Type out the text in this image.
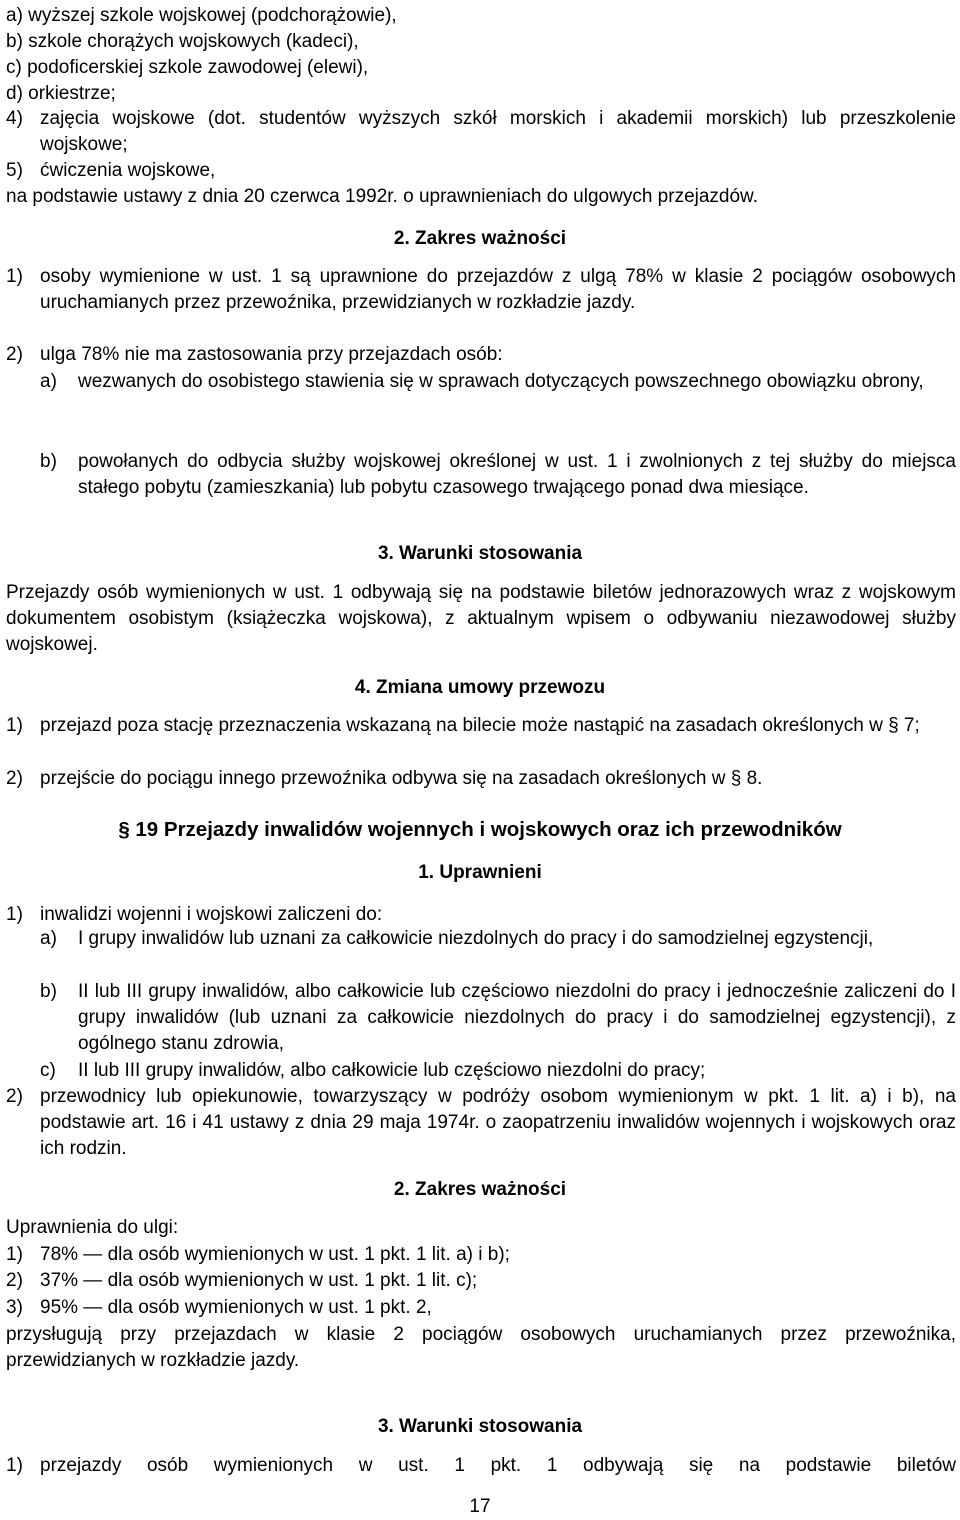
a) wyższej szkole wojskowej (podchorążowie),

b) szkole chorążych wojskowych (kadeci),

c) podoficerskiej szkole zawodowej (elewi),

d) orkiestrze;

4) zajęcia wojskowe (dot. studentów wyższych szkół morskich i akademii morskich) lub przeszkolenie wojskowe;
5) ćwiczenia wojskowe,

na podstawie ustawy z dnia 20 czerwca 1992r. o uprawnieniach do ulgowych przejazdów.

2. Zakres ważności

1) osoby wymienione w ust. 1 są uprawnione do przejazdów z ulgą 78% w klasie 2 pociągów osobowych uruchamianych przez przewoźnika, przewidzianych w rozkładzie jazdy.
2) ulga 78% nie ma zastosowania przy przejazdach osób:
a)	wezwanych do osobistego stawienia się w sprawach dotyczących powszechnego obowiązku obrony,
b)	powołanych do odbycia służby wojskowej określonej w ust. 1 i zwolnionych z tej służby do miejsca stałego pobytu (zamieszkania) lub pobytu czasowego trwającego ponad dwa miesiące.

3. Warunki stosowania

Przejazdy osób wymienionych w ust. 1 odbywają się na podstawie biletów jednorazowych wraz z wojskowym dokumentem osobistym (książeczka wojskowa), z aktualnym wpisem o odbywaniu niezawodowej służby wojskowej.

4. Zmiana umowy przewozu

1) przejazd poza stację przeznaczenia wskazaną na bilecie może nastąpić na zasadach określonych w § 7;
2) przejście do pociągu innego przewoźnika odbywa się na zasadach określonych w § 8.

§ 19 Przejazdy inwalidów wojennych i wojskowych oraz ich przewodników

1. Uprawnieni

1) inwalidzi wojenni i wojskowi zaliczeni do:
a)	I grupy inwalidów lub uznani za całkowicie niezdolnych do pracy i do samodzielnej egzystencji,
b)	II lub III grupy inwalidów, albo całkowicie lub częściowo niezdolni do pracy i jednocześnie zaliczeni do I grupy inwalidów (lub uznani za całkowicie niezdolnych do pracy i do samodzielnej egzystencji), z ogólnego stanu zdrowia,
c)	II lub III grupy inwalidów, albo całkowicie lub częściowo niezdolni do pracy;
2) przewodnicy lub opiekunowie, towarzyszący w podróży osobom wymienionym w pkt. 1 lit. a) i b), na podstawie art. 16 i 41 ustawy z dnia 29 maja 1974r. o zaopatrzeniu inwalidów wojennych i wojskowych oraz ich rodzin.

2. Zakres ważności

Uprawnienia do ulgi:

1) 78% — dla osób wymienionych w ust. 1 pkt. 1 lit. a) i b);
2) 37% — dla osób wymienionych w ust. 1 pkt. 1 lit. c);
3) 95% — dla osób wymienionych w ust. 1 pkt. 2,

przysługują przy przejazdach w klasie 2 pociągów osobowych uruchamianych przez przewoźnika, przewidzianych w rozkładzie jazdy.

3. Warunki stosowania

1) przejazdy osób wymienionych w ust. 1 pkt. 1 odbywają się na podstawie biletów

17
